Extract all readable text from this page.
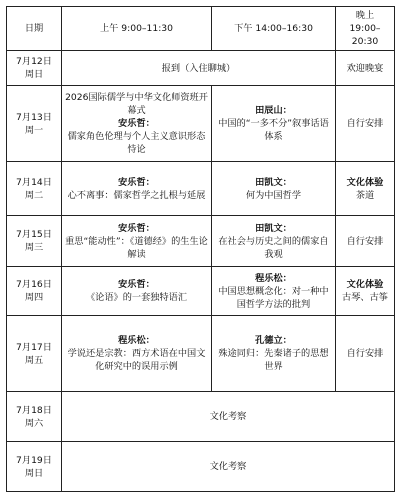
日期	上午 9:00–11:30	下午 14:00–16:30	晚上
19:00–20:30

7月12日
周日	报到（入住聊城）		欢迎晚宴

7月13日
周一	2026国际儒学与中华文化师资班开幕式
安乐哲：
儒家角色伦理与个人主义意识形态恃论	田辰山：
中国的“一多不分”叙事话语体系	自行安排

7月14日
周二	安乐哲：
心不离事：儒家哲学之扎根与延展	田凯文：
何为中国哲学	文化体验
茶道

7月15日
周三	安乐哲：
重思“能动性”：《道德经》的生生论解读	田凯文：
在社会与历史之间的儒家自我观	自行安排

7月16日
周四	安乐哲：
《论语》的一套独特语汇	程乐松：
中国思想概念化：对一种中国哲学方法的批判	文化体验
古琴、古筝

7月17日
周五	程乐松：
学说还是宗教：西方术语在中国文化研究中的误用示例	孔德立：
殊途同归：先秦诸子的思想世界	自行安排

7月18日
周六	文化考察		

7月19日
周日	文化考察		
